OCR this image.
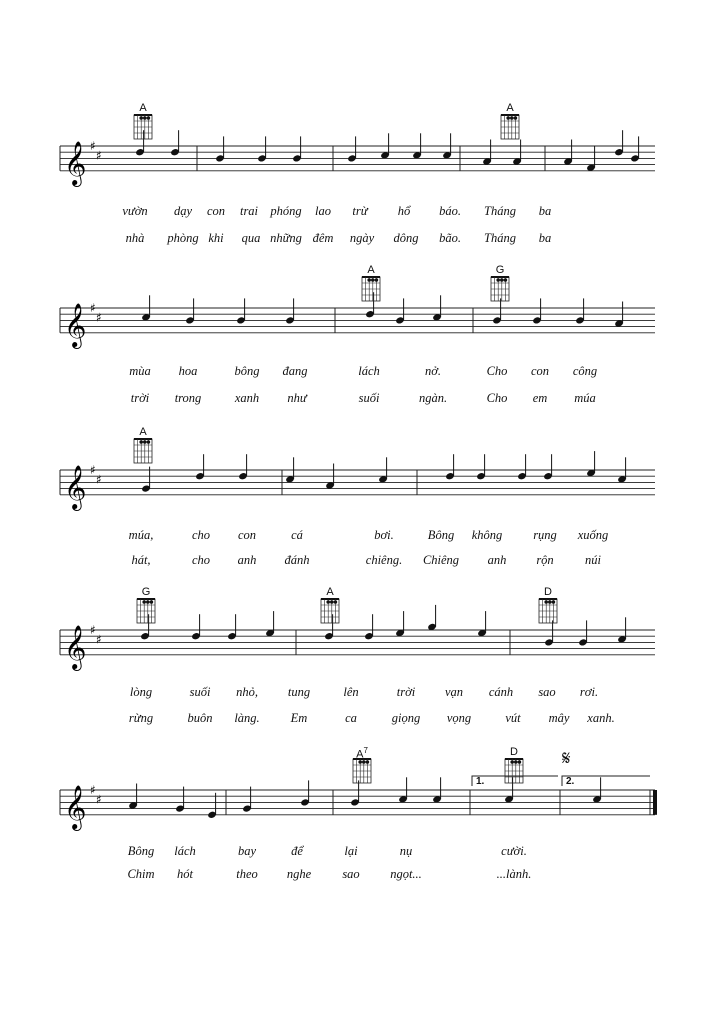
𝄞 ♯
♯
𝄞 ♯
♯
𝄞 ♯
♯
𝄞 ♯
♯
𝄞 ♯
♯
A	A
vườn dạy con trai phóng lao trừ hổ báo. Tháng ba
nhà phòng khi qua những đêm ngày dông bão. Tháng ba
A	G
mùa hoa	bông đang	lách	nở.	Cho con công
trời trong	xanh như	suối	ngàn.	Cho em múa
A
múa,	cho con	cá	bơi.	Bông không rụng xuống
hát,	cho anh đánh	chiêng. Chiêng anh rộn	núi
G	A	D
lòng	suối nhỏ, tung	lên	trời vạn cánh sao rơi.
rừng	buôn làng. Em	ca	giọng vọng	vút mây xanh.
$A^7$	D
Bông lách	bay	để	lại	nụ	cười.
Chim hót	theo nghe sao ngọt...	...lành.
1.	2.
𝄋
